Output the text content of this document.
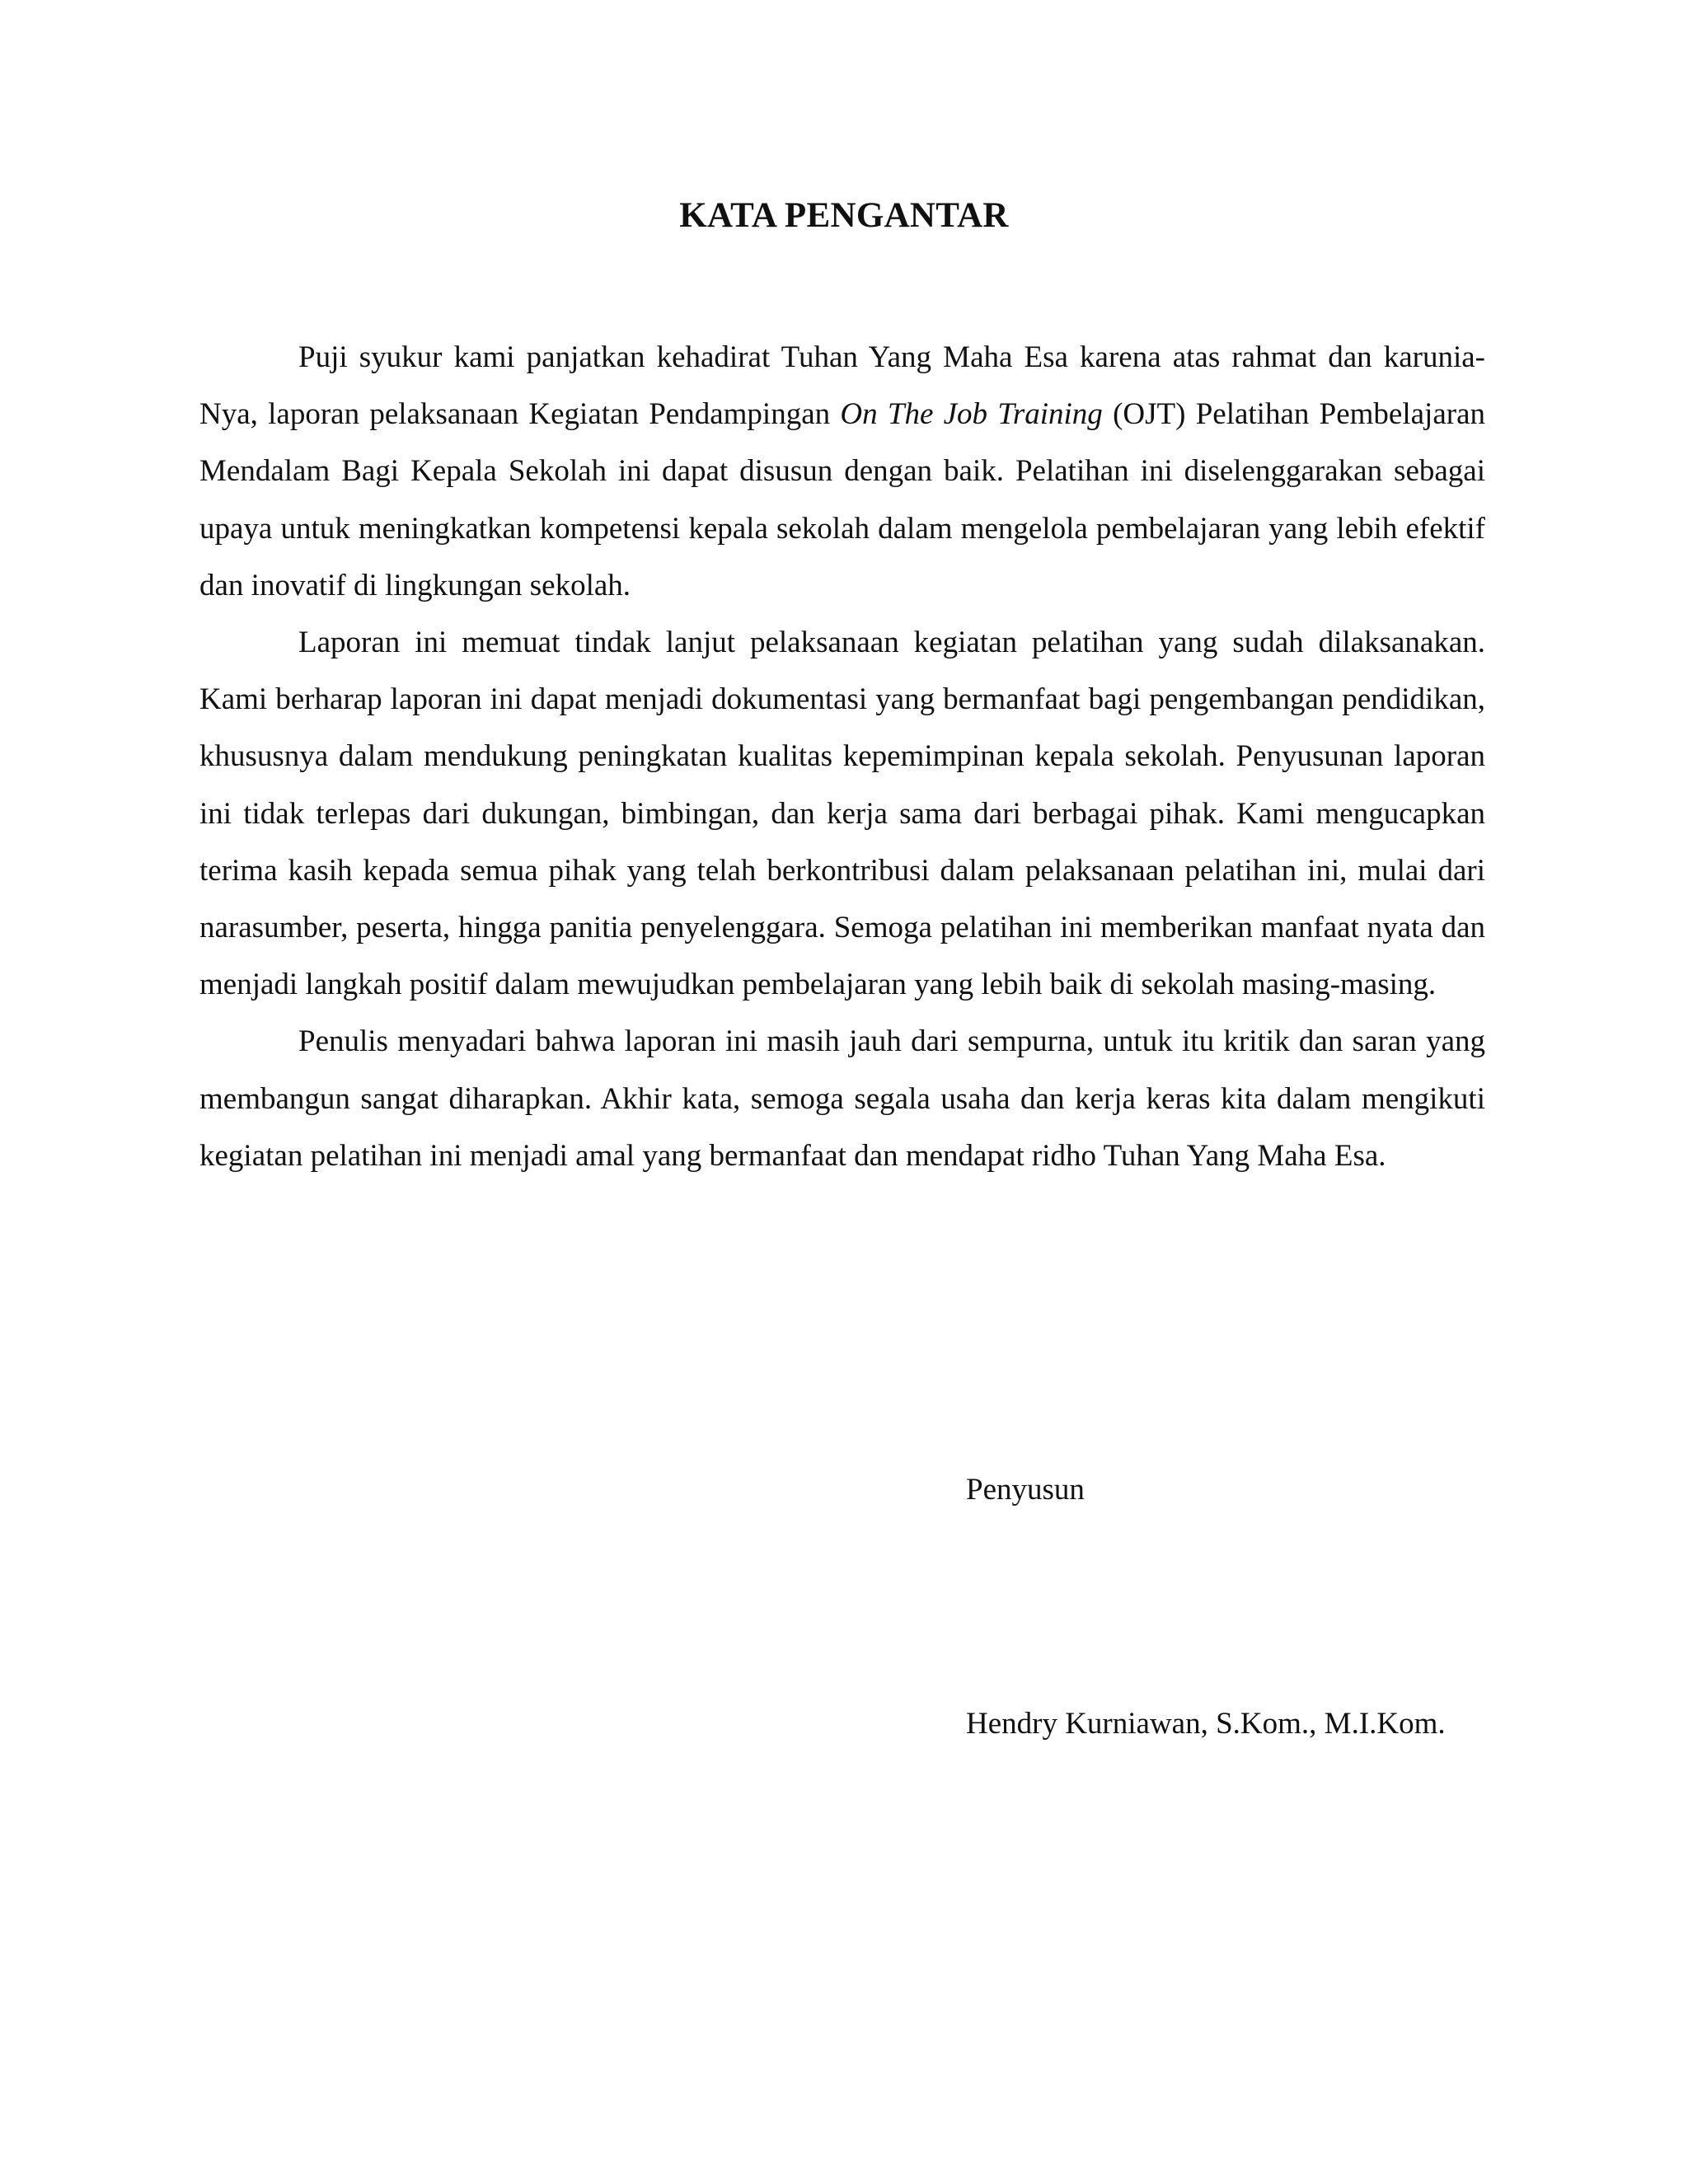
KATA PENGANTAR

Puji syukur kami panjatkan kehadirat Tuhan Yang Maha Esa karena atas rahmat dan karunia-Nya, laporan pelaksanaan Kegiatan Pendampingan On The Job Training (OJT) Pelatihan Pembelajaran Mendalam Bagi Kepala Sekolah ini dapat disusun dengan baik. Pelatihan ini diselenggarakan sebagai upaya untuk meningkatkan kompetensi kepala sekolah dalam mengelola pembelajaran yang lebih efektif dan inovatif di lingkungan sekolah.

Laporan ini memuat tindak lanjut pelaksanaan kegiatan pelatihan yang sudah dilaksanakan. Kami berharap laporan ini dapat menjadi dokumentasi yang bermanfaat bagi pengembangan pendidikan, khususnya dalam mendukung peningkatan kualitas kepemimpinan kepala sekolah. Penyusunan laporan ini tidak terlepas dari dukungan, bimbingan, dan kerja sama dari berbagai pihak. Kami mengucapkan terima kasih kepada semua pihak yang telah berkontribusi dalam pelaksanaan pelatihan ini, mulai dari narasumber, peserta, hingga panitia penyelenggara. Semoga pelatihan ini memberikan manfaat nyata dan menjadi langkah positif dalam mewujudkan pembelajaran yang lebih baik di sekolah masing-masing.

Penulis menyadari bahwa laporan ini masih jauh dari sempurna, untuk itu kritik dan saran yang membangun sangat diharapkan. Akhir kata, semoga segala usaha dan kerja keras kita dalam mengikuti kegiatan pelatihan ini menjadi amal yang bermanfaat dan mendapat ridho Tuhan Yang Maha Esa.

Penyusun
Hendry Kurniawan, S.Kom., M.I.Kom.
